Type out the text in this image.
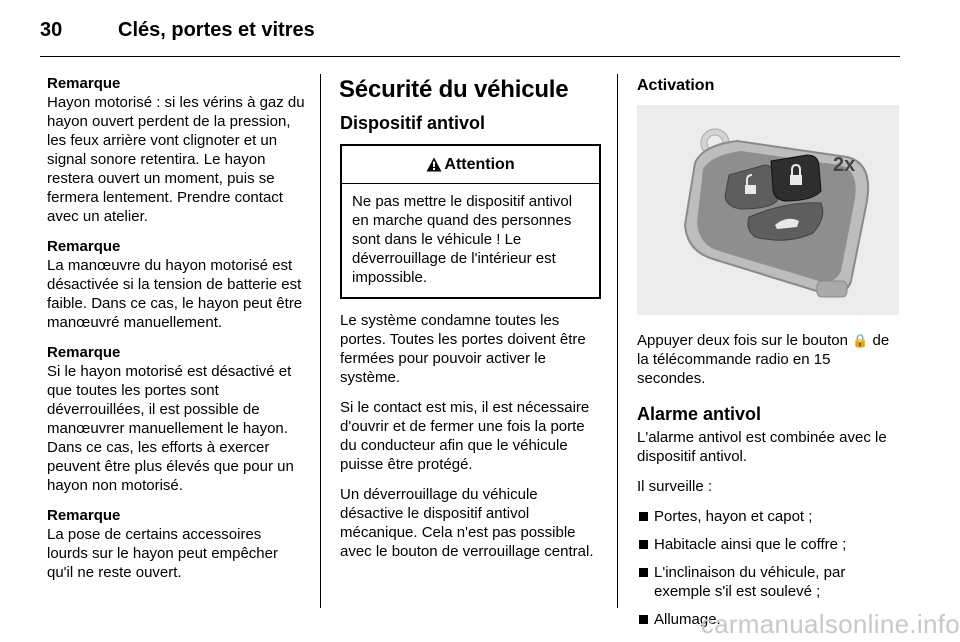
30	Clés, portes et vitres
Remarque
Hayon motorisé : si les vérins à gaz du hayon ouvert perdent de la pression, les feux arrière vont clignoter et un signal sonore retentira. Le hayon restera ouvert un moment, puis se fermera lentement. Prendre contact avec un atelier.
Remarque
La manœuvre du hayon motorisé est désactivée si la tension de batterie est faible. Dans ce cas, le hayon peut être manœuvré manuellement.
Remarque
Si le hayon motorisé est désactivé et que toutes les portes sont déverrouillées, il est possible de manœuvrer manuellement le hayon. Dans ce cas, les efforts à exercer peuvent être plus élevés que pour un hayon non motorisé.
Remarque
La pose de certains accessoires lourds sur le hayon peut empêcher qu'il ne reste ouvert.
Sécurité du véhicule
Dispositif antivol
Attention
Ne pas mettre le dispositif antivol en marche quand des personnes sont dans le véhicule ! Le déverrouillage de l'intérieur est impossible.

Le système condamne toutes les portes. Toutes les portes doivent être fermées pour pouvoir activer le système.

Si le contact est mis, il est nécessaire d'ouvrir et de fermer une fois la porte du conducteur afin que le véhicule puisse être protégé.

Un déverrouillage du véhicule désactive le dispositif antivol mécanique. Cela n'est pas possible avec le bouton de verrouillage central.

Activation
2x

Appuyer deux fois sur le bouton 🔒 de la télécommande radio en 15 secondes.

Alarme antivol

L'alarme antivol est combinée avec le dispositif antivol.

Il surveille :

Portes, hayon et capot ;
Habitacle ainsi que le coffre ;
L'inclinaison du véhicule, par exemple s'il est soulevé ;
Allumage.
carmanualsonline.info
